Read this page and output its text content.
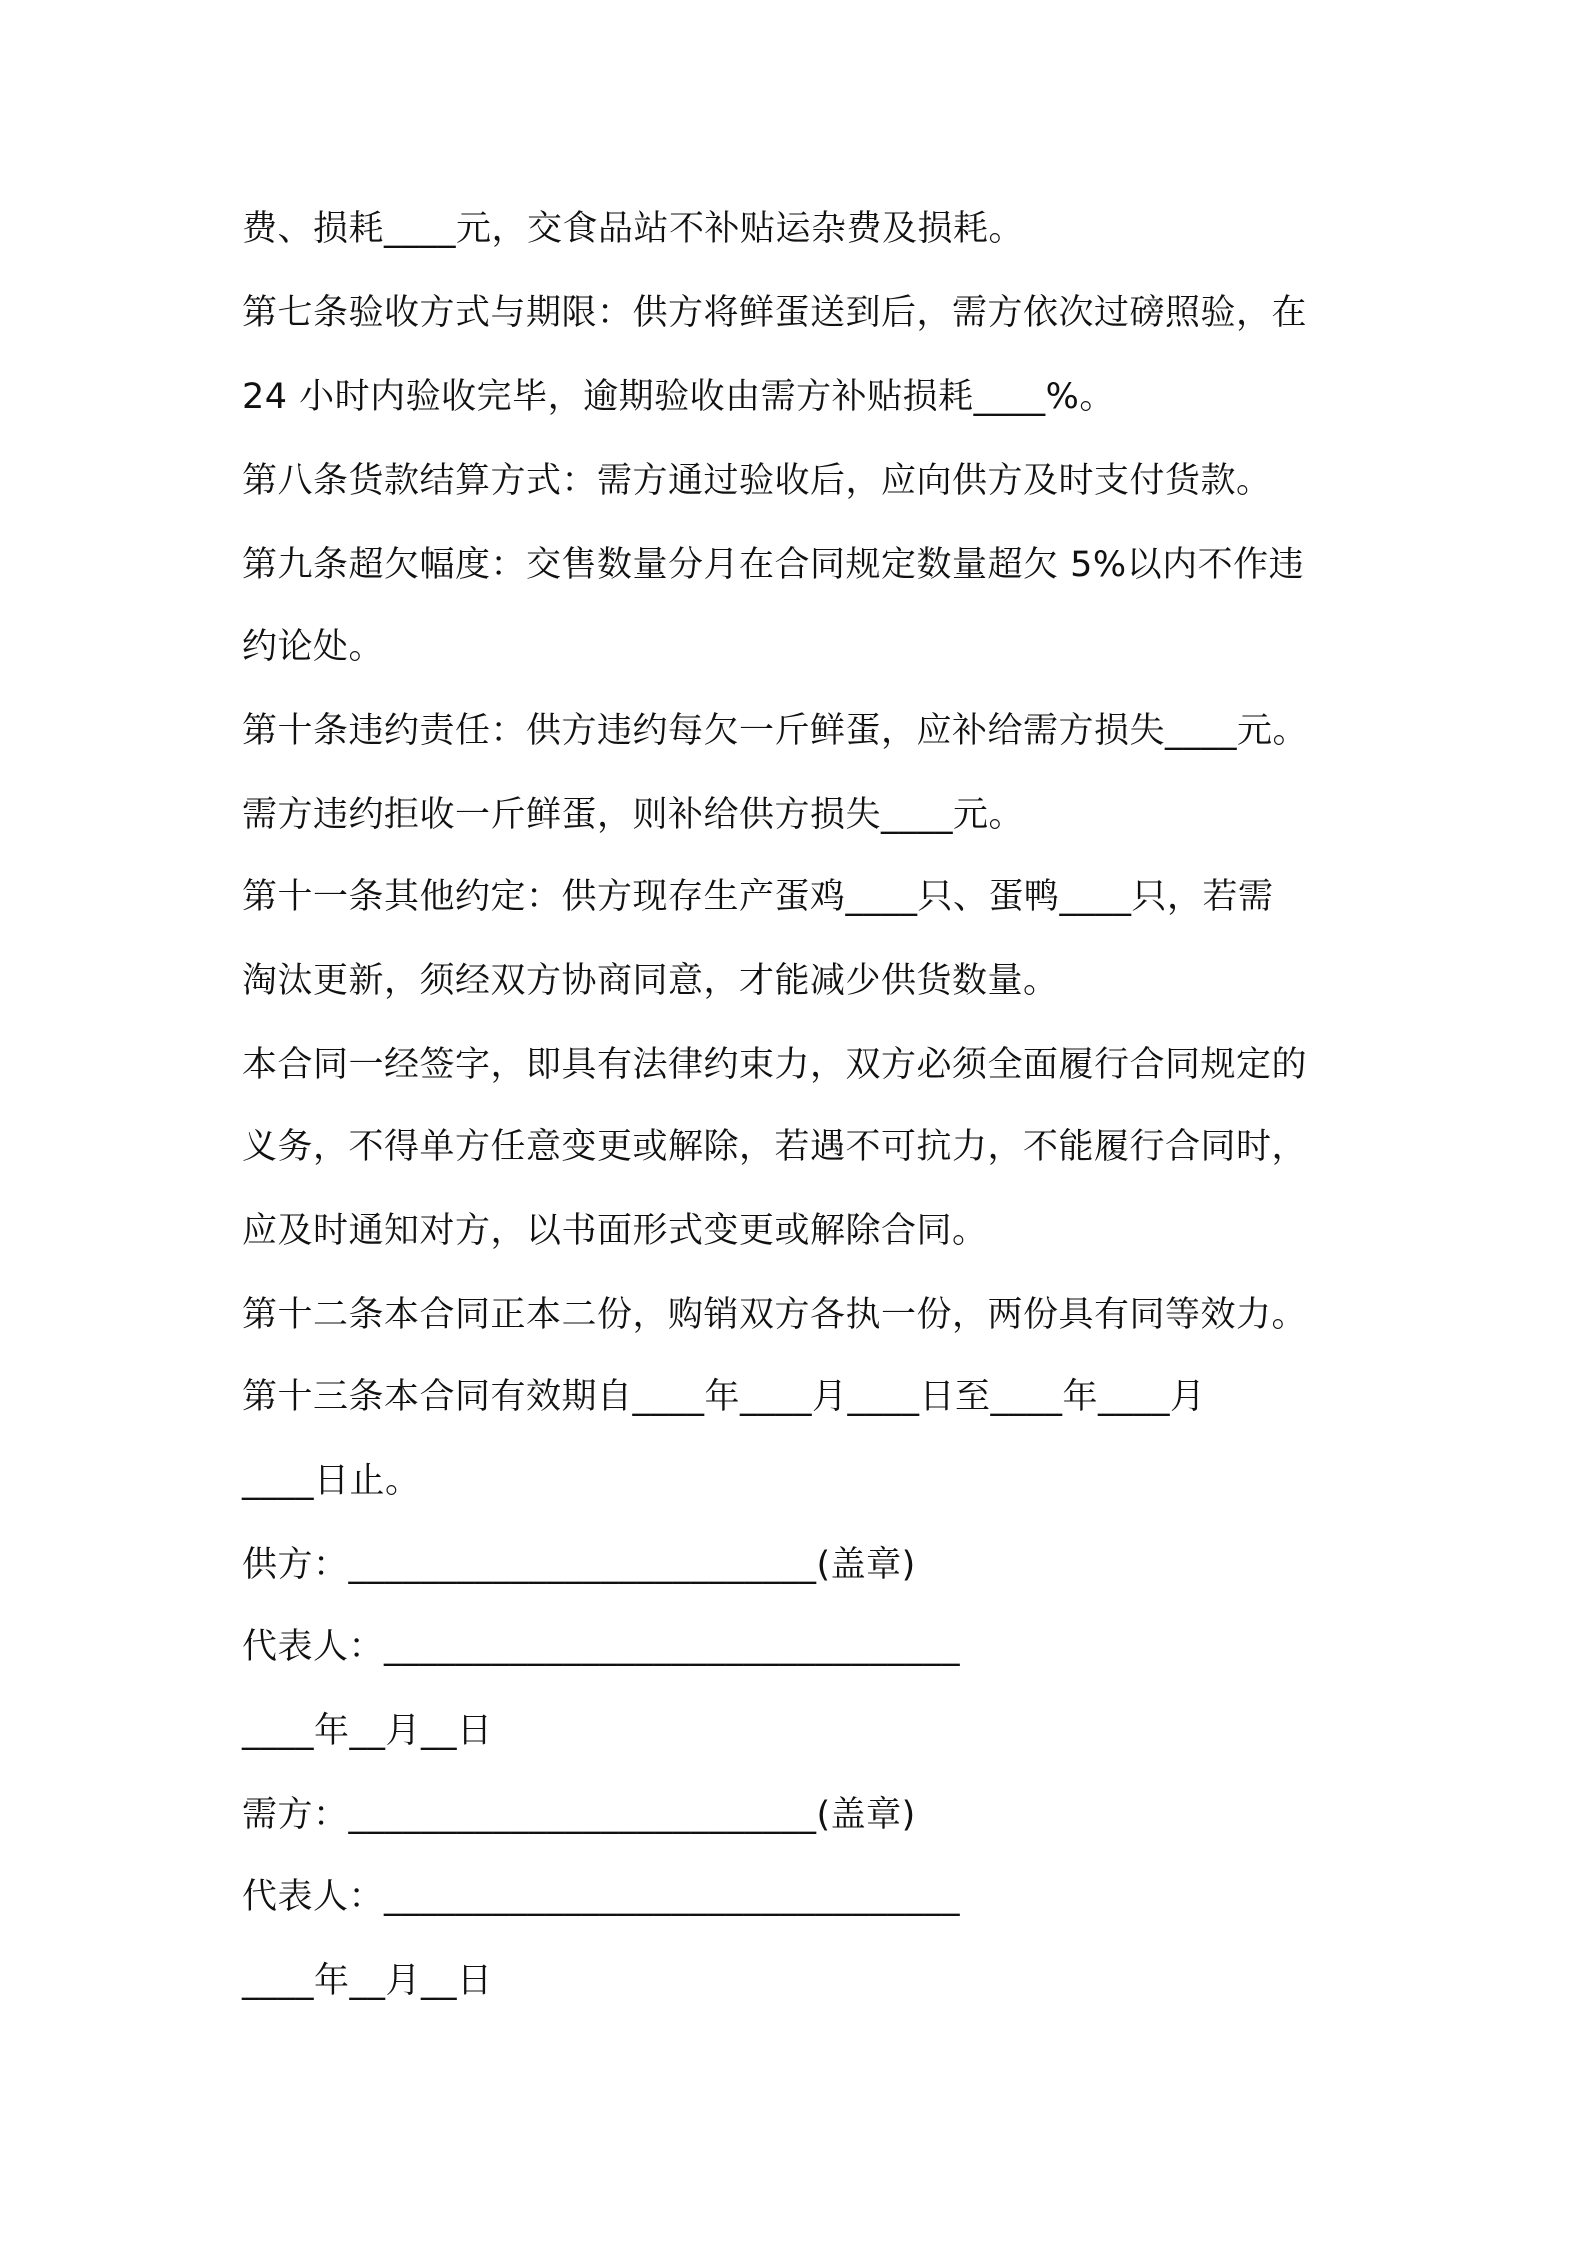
费、损耗____元，交食品站不补贴运杂费及损耗。
第七条验收方式与期限：供方将鲜蛋送到后，需方依次过磅照验，在
24 小时内验收完毕，逾期验收由需方补贴损耗____%。
第八条货款结算方式：需方通过验收后，应向供方及时支付货款。
第九条超欠幅度：交售数量分月在合同规定数量超欠 5%以内不作违
约论处。
第十条违约责任：供方违约每欠一斤鲜蛋，应补给需方损失____元。
需方违约拒收一斤鲜蛋，则补给供方损失____元。
第十一条其他约定：供方现存生产蛋鸡____只、蛋鸭____只，若需
淘汰更新，须经双方协商同意，才能减少供货数量。
本合同一经签字，即具有法律约束力，双方必须全面履行合同规定的
义务，不得单方任意变更或解除，若遇不可抗力，不能履行合同时，
应及时通知对方，以书面形式变更或解除合同。
第十二条本合同正本二份，购销双方各执一份，两份具有同等效力。
第十三条本合同有效期自____年____月____日至____年____月
____日止。
供方：__________________________(盖章)
代表人：________________________________
____年__月__日
需方：__________________________(盖章)
代表人：________________________________
____年__月__日
